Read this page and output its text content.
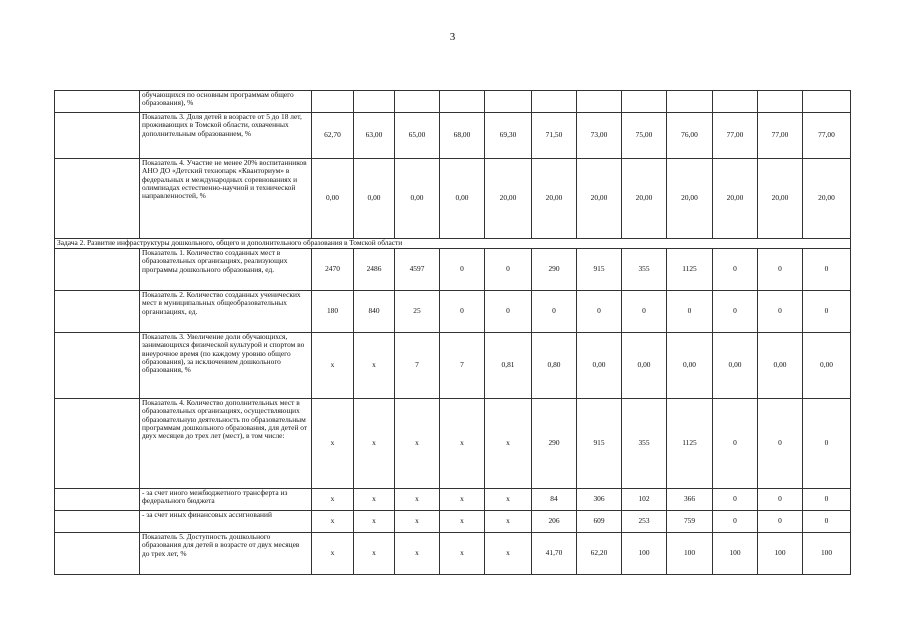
3
	обучающихся по основным программам общего образования), %												
	Показатель 3. Доля детей в возрасте от 5 до 18 лет, проживающих в Томской области, охваченных дополнительным образованием, %	62,70	63,00	65,00	68,00	69,30	71,50	73,00	75,00	76,00	77,00	77,00	77,00
	Показатель 4. Участие не менее 20% воспитанников АНО ДО «Детский технопарк «Кванториум» в федеральных и международных соревнованиях и олимпиадах естественно-научной и технической направленностей, %	0,00	0,00	0,00	0,00	20,00	20,00	20,00	20,00	20,00	20,00	20,00	20,00
Задача 2. Развитие инфраструктуры дошкольного, общего и дополнительного образования в Томской области													
	Показатель 1. Количество созданных мест в образовательных организациях, реализующих программы дошкольного образования, ед.	2470	2486	4597	0	0	290	915	355	1125	0	0	0
	Показатель 2. Количество созданных ученических мест в муниципальных общеобразовательных организациях, ед.	180	840	25	0	0	0	0	0	0	0	0	0
	Показатель 3. Увеличение доли обучающихся, занимающихся физической культурой и спортом во внеурочное время (по каждому уровню общего образования), за исключением дошкольного образования, %	x	x	7	7	0,81	0,80	0,00	0,00	0,00	0,00	0,00	0,00
	Показатель 4. Количество дополнительных мест в образовательных организациях, осуществляющих образовательную деятельность по образовательным программам дошкольного образования, для детей от двух месяцев до трех лет (мест), в том числе:	x	x	x	x	x	290	915	355	1125	0	0	0
	- за счет иного межбюджетного трансферта из федерального бюджета	x	x	x	x	x	84	306	102	366	0	0	0
	- за счет иных финансовых ассигнований	x	x	x	x	x	206	609	253	759	0	0	0
	Показатель 5. Доступность дошкольного образования для детей в возрасте от двух месяцев до трех лет, %	x	x	x	x	x	41,70	62,20	100	100	100	100	100
